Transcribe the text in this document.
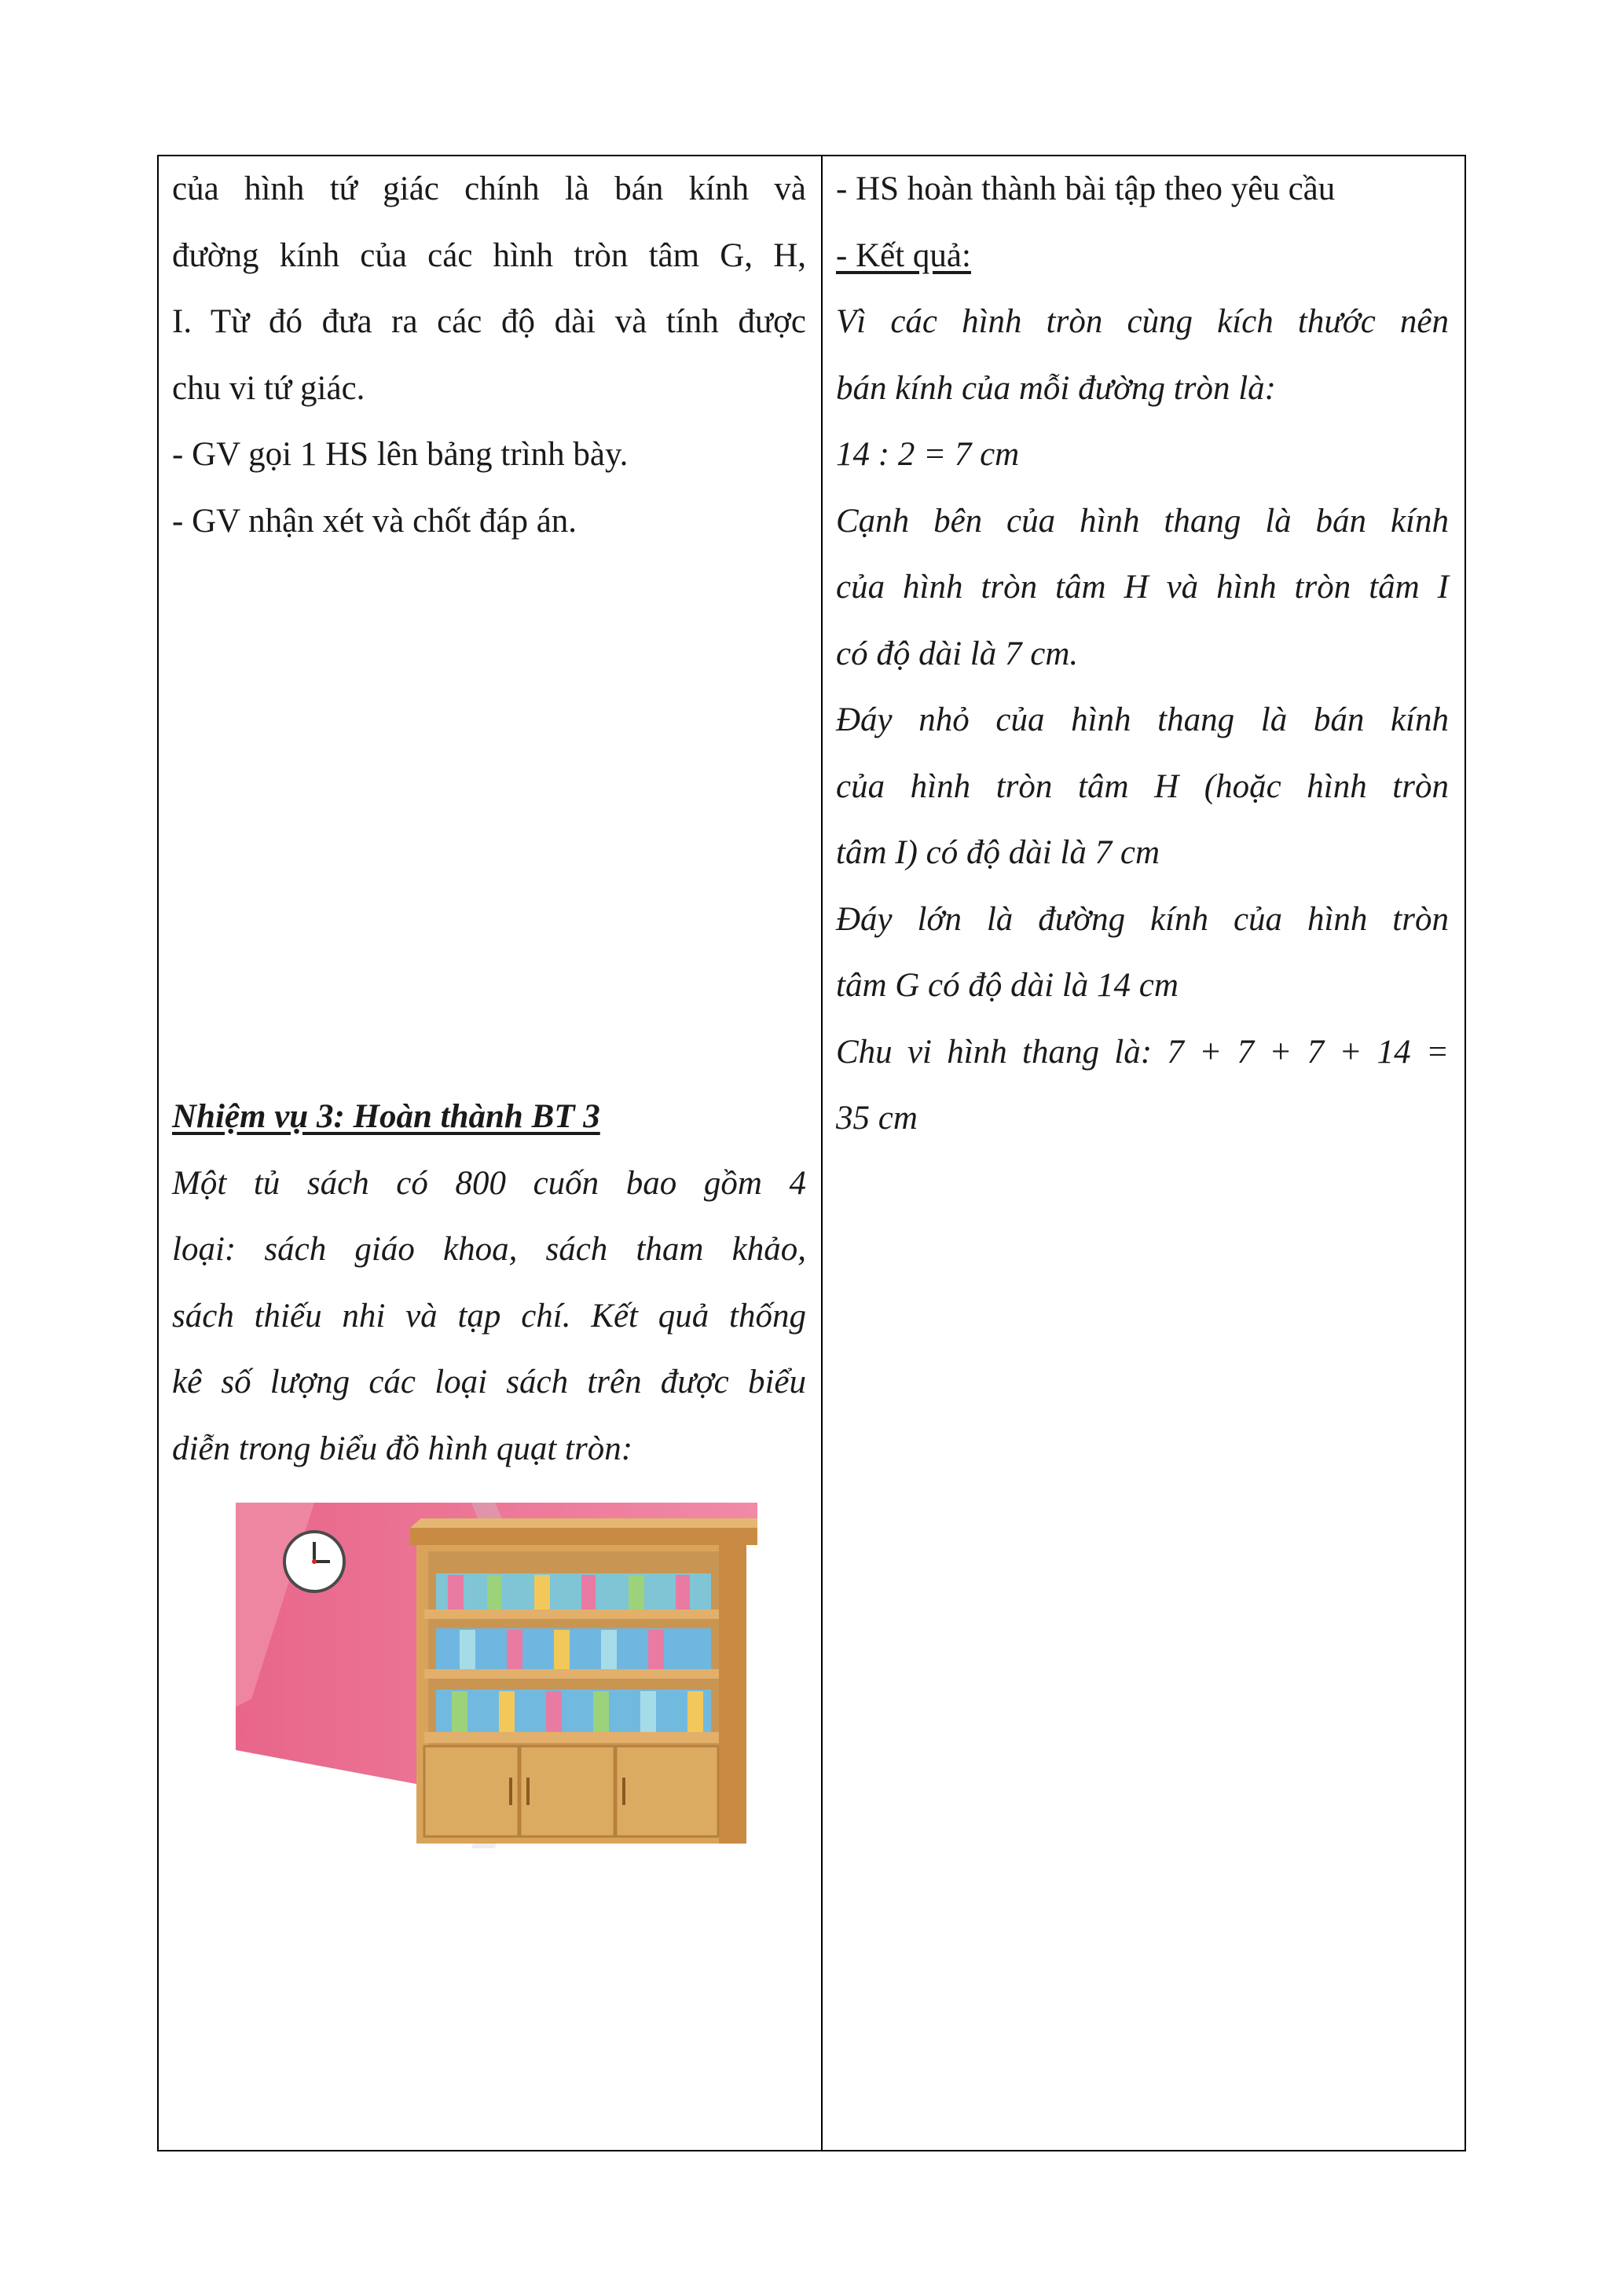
của hình tứ giác chính là bán kính và
đường kính của các hình tròn tâm G, H,
I. Từ đó đưa ra các độ dài và tính được
chu vi tứ giác.
- GV gọi 1 HS lên bảng trình bày.
- GV nhận xét và chốt đáp án.
Nhiệm vụ 3: Hoàn thành BT 3
Một tủ sách có 800 cuốn bao gồm 4
loại: sách giáo khoa, sách tham khảo,
sách thiếu nhi và tạp chí. Kết quả thống
kê số lượng các loại sách trên được biểu
diễn trong biểu đồ hình quạt tròn:
- HS hoàn thành bài tập theo yêu cầu
- Kết quả:
Vì các hình tròn cùng kích thước nên
bán kính của mỗi đường tròn là:
14 : 2 = 7 cm
Cạnh bên của hình thang là bán kính
của hình tròn tâm H và hình tròn tâm I
có độ dài là 7 cm.
Đáy nhỏ của hình thang là bán kính
của hình tròn tâm H (hoặc hình tròn
tâm I) có độ dài là 7 cm
Đáy lớn là đường kính của hình tròn
tâm G có độ dài là 14 cm
Chu vi hình thang là: 7 + 7 + 7 + 14 =
35 cm
